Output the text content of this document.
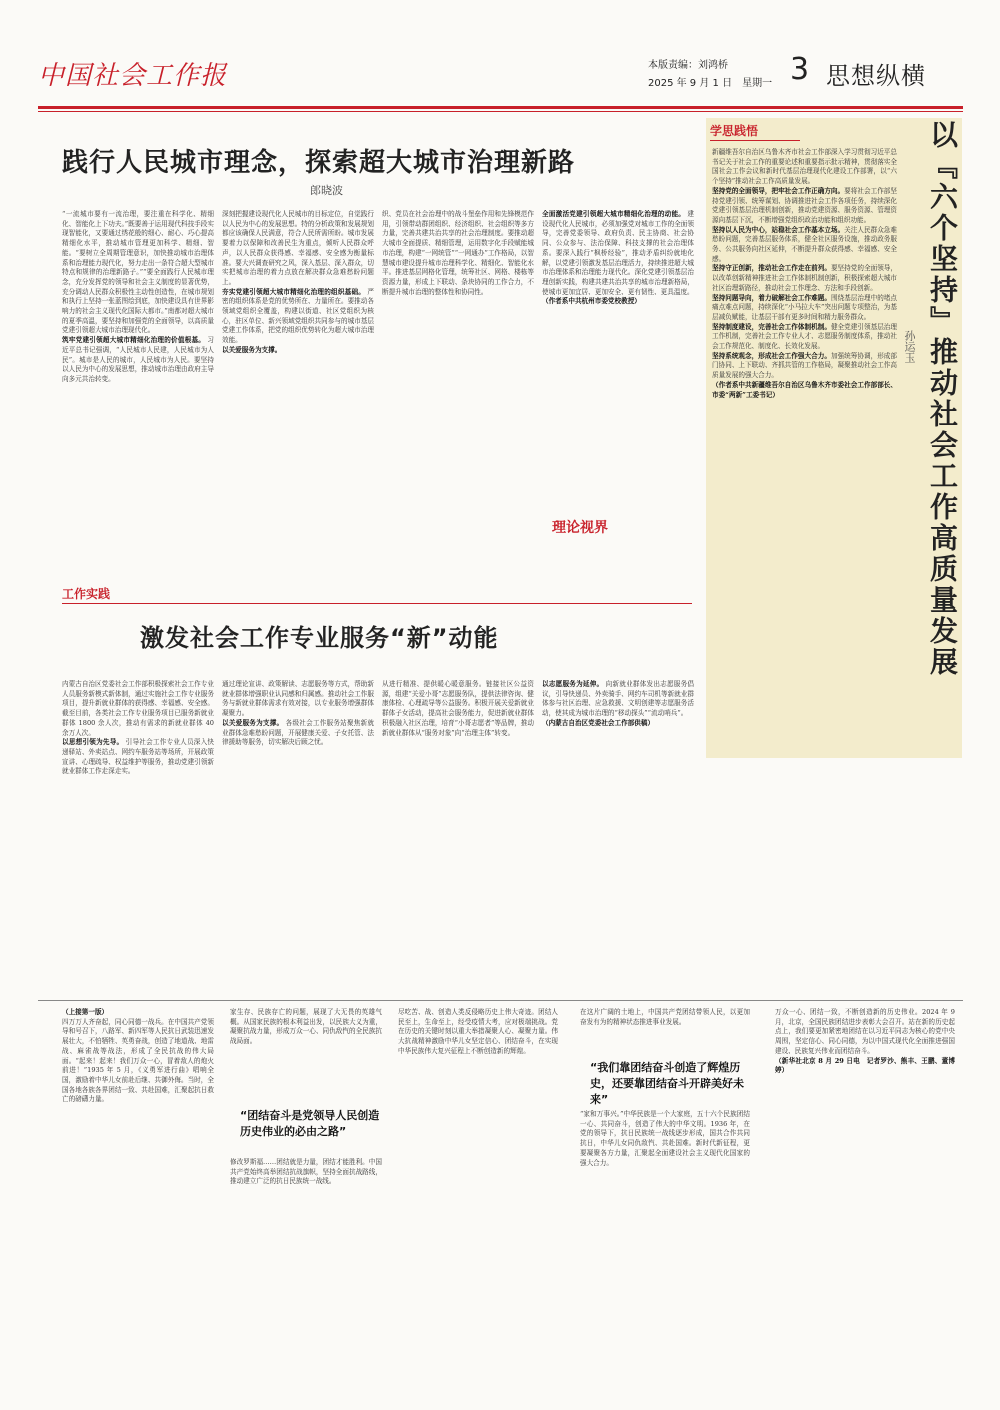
中国社会工作报	本版责编：刘鸿桥
2025 年 9 月 1 日　星期一 3 思想纵横
践行人民城市理念，探索超大城市治理新路
郎晓波
“一流城市要有一流治理，要注重在科学化、精细化、智能化上下功夫。”既要善于运用现代科技手段实现智能化，又要通过绣花般的细心、耐心、巧心提高精细化水平，推动城市管理更加科学、精细、智能。“要树立全周期管理意识，加快推动城市治理体系和治理能力现代化，努力走出一条符合超大型城市特点和规律的治理新路子。”“要全面践行人民城市理念，充分发挥党的领导和社会主义制度的显著优势，充分调动人民群众积极性主动性创造性，在城市规划和执行上坚持一张蓝图绘到底，加快建设具有世界影响力的社会主义现代化国际大都市。”南都对超大城市的夏季高温，要坚持和加强党的全面领导，以高质量党建引领超大城市治理现代化。
筑牢党建引领超大城市精细化治理的价值根基。 习近平总书记强调，“人民城市人民建，人民城市为人民”。城市是人民的城市，人民城市为人民。要坚持以人民为中心的发展思想，推动城市治理由政府主导向多元共治转变。
深刻把握建设现代化人民城市的目标定位，自觉践行以人民为中心的发展思想。特的分析政策和发展规划都应该确保人民满意，符合人民所需所盼。城市发展要着力以保障和改善民生为重点，倾听人民群众呼声，以人民群众获得感、幸福感、安全感为衡量标准。要大兴调查研究之风，深入基层、深入群众，切实把城市治理的着力点放在解决群众急难愁盼问题上。
夯实党建引领超大城市精细化治理的组织基础。 严密的组织体系是党的优势所在、力量所在。要推动各领域党组织全覆盖，构建以街道、社区党组织为核心，驻区单位、新兴领域党组织共同参与的城市基层党建工作体系，把党的组织优势转化为超大城市治理效能。
以关爱服务为支撑。
织、党员在社会治理中的战斗堡垒作用和先锋模范作用，引领带动群团组织、经济组织、社会组织等多方力量，完善共建共治共享的社会治理制度。要推动超大城市全面提质、精细管理，运用数字化手段赋能城市治理，构建“一网统管”“一网通办”工作格局，以智慧城市建设提升城市治理科学化、精细化、智能化水平。推进基层网格化管理，统筹社区、网格、楼栋等资源力量，形成上下联动、条块协同的工作合力，不断提升城市治理的整体性和协同性。
全面激活党建引领超大城市精细化治理的动能。 建设现代化人民城市，必须加强党对城市工作的全面领导，完善党委领导、政府负责、民主协商、社会协同、公众参与、法治保障、科技支撑的社会治理体系。要深入践行“枫桥经验”，推动矛盾纠纷就地化解，以党建引领激发基层治理活力，持续推进超大城市治理体系和治理能力现代化。深化党建引领基层治理创新实践，构建共建共治共享的城市治理新格局，使城市更加宜居、更加安全、更有韧性、更具温度。
（作者系中共杭州市委党校教授）
理论视界
学思践悟	以『六个坚持』推动社会工作高质量发展
孙运玉
新疆维吾尔自治区乌鲁木齐市社会工作部深入学习贯彻习近平总书记关于社会工作的重要论述和重要指示批示精神，贯彻落实全国社会工作会议和新时代基层治理现代化建设工作部署，以“六个坚持”推动社会工作高质量发展。
坚持党的全面领导，把牢社会工作正确方向。要将社会工作部坚持党建引领、统筹谋划、协调推进社会工作各项任务，持续深化党建引领基层治理机制创新，推动党建资源、服务资源、管理资源向基层下沉，不断增强党组织政治功能和组织功能。
坚持以人民为中心，站稳社会工作基本立场。关注人民群众急难愁盼问题，完善基层服务体系，健全社区服务设施，推动政务服务、公共服务向社区延伸，不断提升群众获得感、幸福感、安全感。
坚持守正创新，推动社会工作走在前列。要坚持党的全面领导，以改革创新精神推进社会工作体制机制创新，积极探索超大城市社区治理新路径，推动社会工作理念、方法和手段创新。
坚持问题导向，着力破解社会工作难题。围绕基层治理中的堵点痛点难点问题，持续深化“小马拉大车”突出问题专项整治，为基层减负赋能，让基层干部有更多时间和精力服务群众。
坚持制度建设，完善社会工作体制机制。健全党建引领基层治理工作机制，完善社会工作专业人才、志愿服务制度体系，推动社会工作规范化、制度化、长效化发展。
坚持系统观念，形成社会工作强大合力。加强统筹协调，形成部门协同、上下联动、齐抓共管的工作格局，凝聚推动社会工作高质量发展的强大合力。
（作者系中共新疆维吾尔自治区乌鲁木齐市委社会工作部部长、市委“两新”工委书记）
工作实践
激发社会工作专业服务“新”动能
内蒙古自治区党委社会工作部积极探索社会工作专业人员服务新模式新体制，通过实施社会工作专业服务项目，提升新就业群体的获得感、幸福感、安全感。截至目前，各类社会工作专业服务项目已服务新就业群体 1800 余人次，推动有需求的新就业群体 40 余万人次。
以思想引领为先导。 引导社会工作专业人员深入快递驿站、外卖站点、网约车服务站等场所，开展政策宣讲、心理疏导、权益维护等服务，推动党建引领新就业群体工作走深走实。
通过理论宣讲、政策解读、志愿服务等方式，帮助新就业群体增强职业认同感和归属感。推动社会工作服务与新就业群体需求有效对接，以专业服务增强群体凝聚力。
以关爱服务为支撑。 各级社会工作服务站聚焦新就业群体急难愁盼问题，开展健康关爱、子女托管、法律援助等服务，切实解决后顾之忧。
从进行精准、提供暖心暖意服务。链接社区公益资源，组建“关爱小哥”志愿服务队，提供法律咨询、健康体检、心理疏导等公益服务。积极开展关爱新就业群体子女活动，提高社会服务能力，促进新就业群体积极融入社区治理，培育“小哥志愿者”等品牌，推动新就业群体从“服务对象”向“治理主体”转变。
以志愿服务为延伸。 向新就业群体发出志愿服务倡议，引导快递员、外卖骑手、网约车司机等新就业群体参与社区治理、应急救援、文明创建等志愿服务活动，使其成为城市治理的“移动探头”“流动哨兵”。
（内蒙古自治区党委社会工作部供稿）
（上接第一版）
四万万人齐奋起，同心同德一战兵。在中国共产党领导和号召下，八路军、新四军等人民抗日武装迅速发展壮大，不怕牺牲、英勇奋战，创造了地道战、地雷战、麻雀战等战法，形成了全民抗战的伟大局面。“起来！起来！我们万众一心，冒着敌人的炮火前进！”1935 年 5 月，《义勇军进行曲》唱响全国，激励着中华儿女前赴后继、共御外侮。当时，全国各地各族各界团结一致、共赴国难，汇聚起抗日救亡的磅礴力量。
家生存、民族存亡的问题，展现了大无畏的英雄气概。从国家民族的根本利益出发，以民族大义为重，凝聚抗战力量，形成万众一心、同仇敌忾的全民族抗战局面。
“团结奋斗是党领导人民创造历史伟业的必由之路”
修改罗斯福……团结就是力量，团结才能胜利。中国共产党始终高举团结抗战旗帜，坚持全面抗战路线，推动建立广泛的抗日民族统一战线。
尽吃苦、战、创造人类反侵略历史上伟大奇迹。团结人民至上，生命至上，经受疫情大考，应对极端挑战。党在历史的关键时刻以重大举措凝聚人心、凝聚力量。伟大抗战精神激励中华儿女坚定信心、团结奋斗，在实现中华民族伟大复兴征程上不断创造新的辉煌。
在这片广阔的土地上，中国共产党团结带领人民，以更加奋发有为的精神状态推进事业发展。
“我们靠团结奋斗创造了辉煌历史，还要靠团结奋斗开辟美好未来”
“家和万事兴。”中华民族是一个大家庭，五十六个民族团结一心、共同奋斗，创造了伟大的中华文明。1936 年，在党的领导下，抗日民族统一战线逐步形成，国共合作共同抗日，中华儿女同仇敌忾、共赴国难。新时代新征程，更要凝聚各方力量，汇聚起全面建设社会主义现代化国家的强大合力。
万众一心、团结一致，不断创造新的历史伟业。2024 年 9 月，北京，全国民族团结进步表彰大会召开。站在新的历史起点上，我们要更加紧密地团结在以习近平同志为核心的党中央周围，坚定信心、同心同德，为以中国式现代化全面推进强国建设、民族复兴伟业而团结奋斗。
（新华社北京 8 月 29 日电　记者罗沙、熊丰、王鹏、董博婷）
